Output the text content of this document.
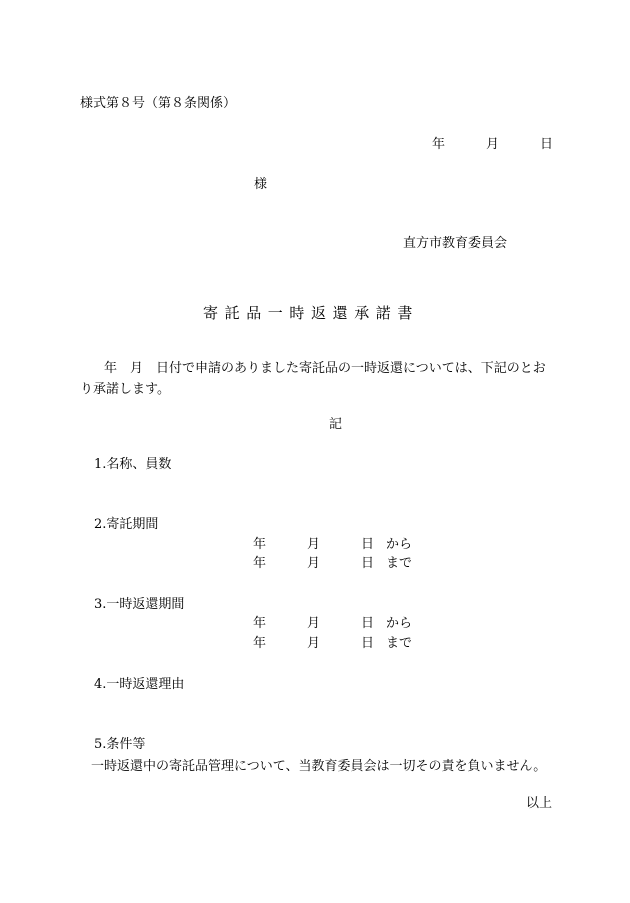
様式第８号（第８条関係）
年	月	日
様
直方市教育委員会
寄託品一時返還承諾書
年　月　日付で申請のありました寄託品の一時返還については、下記のとおり承諾します。
記
1.名称、員数
2.寄託期間
年	月	日 から
年	月	日 まで
3.一時返還期間
年	月	日 から
年	月	日 まで
4.一時返還理由
5.条件等
一時返還中の寄託品管理について、当教育委員会は一切その責を負いません。
以上
